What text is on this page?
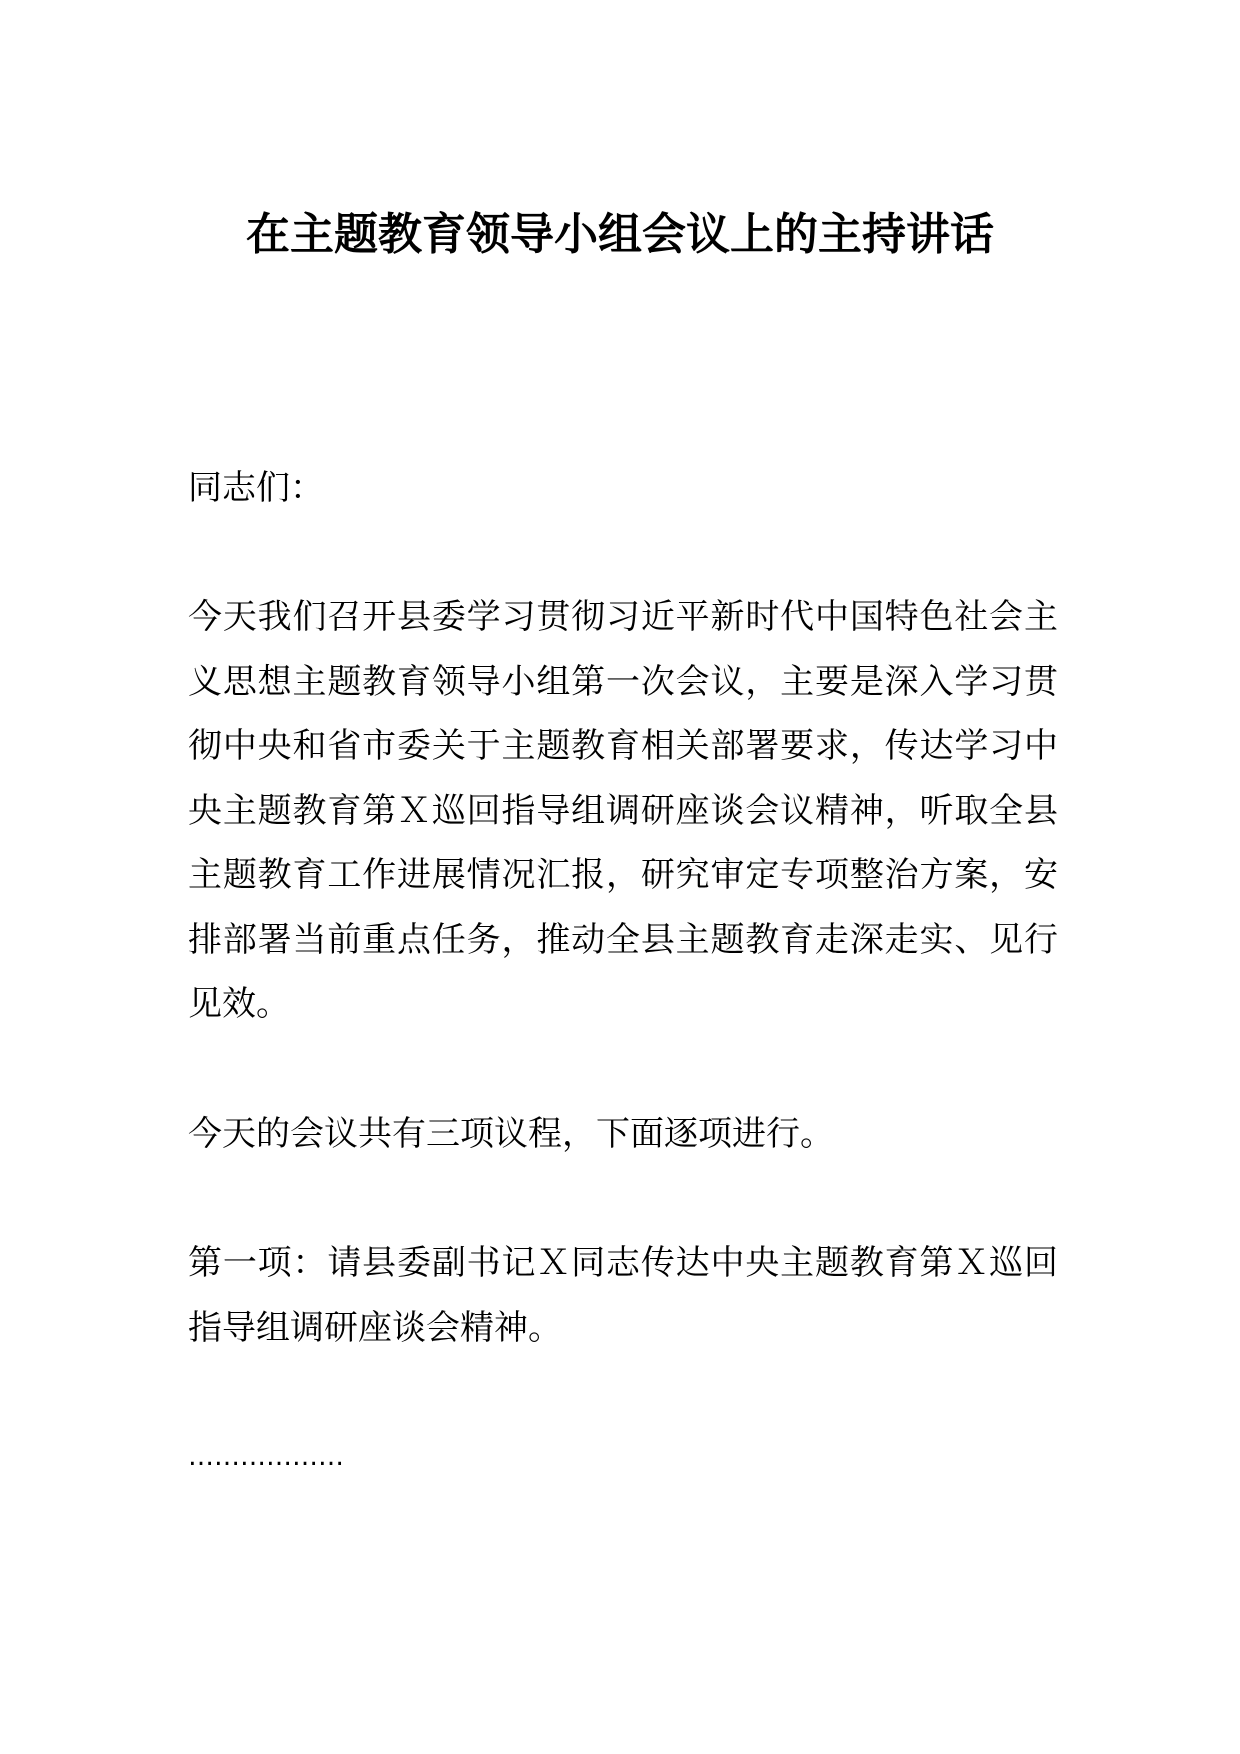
在主题教育领导小组会议上的主持讲话

同志们：

今天我们召开县委学习贯彻习近平新时代中国特色社会主义思想主题教育领导小组第一次会议，主要是深入学习贯彻中央和省市委关于主题教育相关部署要求，传达学习中央主题教育第Ｘ巡回指导组调研座谈会议精神，听取全县主题教育工作进展情况汇报，研究审定专项整治方案，安排部署当前重点任务，推动全县主题教育走深走实、见行见效。

今天的会议共有三项议程，下面逐项进行。

第一项：请县委副书记Ｘ同志传达中央主题教育第Ｘ巡回指导组调研座谈会精神。

………………
